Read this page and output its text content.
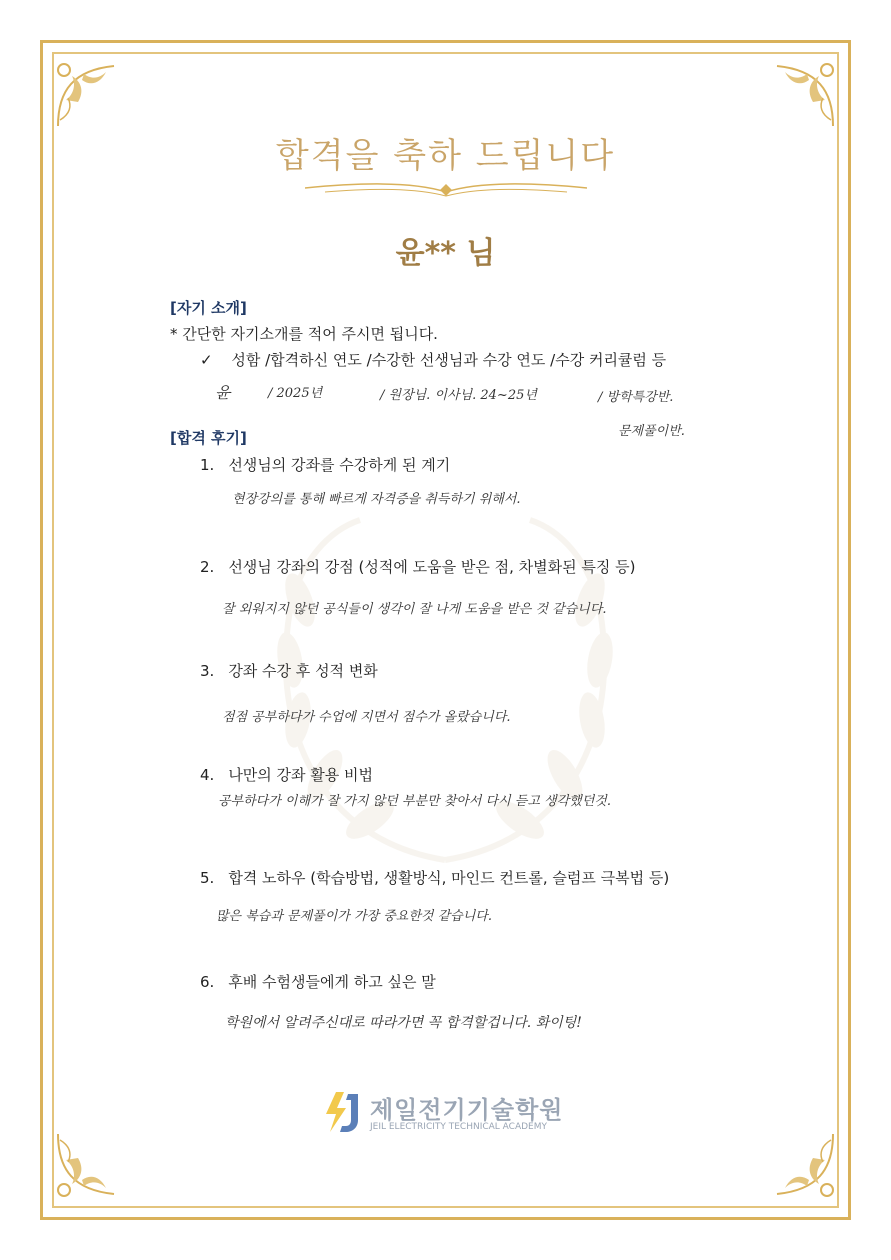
합격을 축하 드립니다
윤** 님
[자기 소개]
* 간단한 자기소개를 적어 주시면 됩니다.
✓ 성함 /합격하신 연도 /수강한 선생님과 수강 연도 /수강 커리큘럼 등
윤	/ 2025년	/ 원장님. 이사님. 24~25년	/ 방학특강반.
문제풀이반.
[합격 후기]
1. 선생님의 강좌를 수강하게 된 계기
현장강의를 통해 빠르게 자격증을 취득하기 위해서.
2. 선생님 강좌의 강점 (성적에 도움을 받은 점, 차별화된 특징 등)
잘 외워지지 않던 공식들이 생각이 잘 나게 도움을 받은 것 같습니다.
3. 강좌 수강 후 성적 변화
점점 공부하다가 수업에 지면서 점수가 올랐습니다.
4. 나만의 강좌 활용 비법
공부하다가 이해가 잘 가지 않던 부분만 찾아서 다시 듣고 생각했던것.
5. 합격 노하우 (학습방법, 생활방식, 마인드 컨트롤, 슬럼프 극복법 등)
많은 복습과 문제풀이가 가장 중요한것 같습니다.
6. 후배 수험생들에게 하고 싶은 말
학원에서 알려주신대로 따라가면 꼭 합격할겁니다. 화이팅!
제일전기기술학원
JEIL ELECTRICITY TECHNICAL ACADEMY
